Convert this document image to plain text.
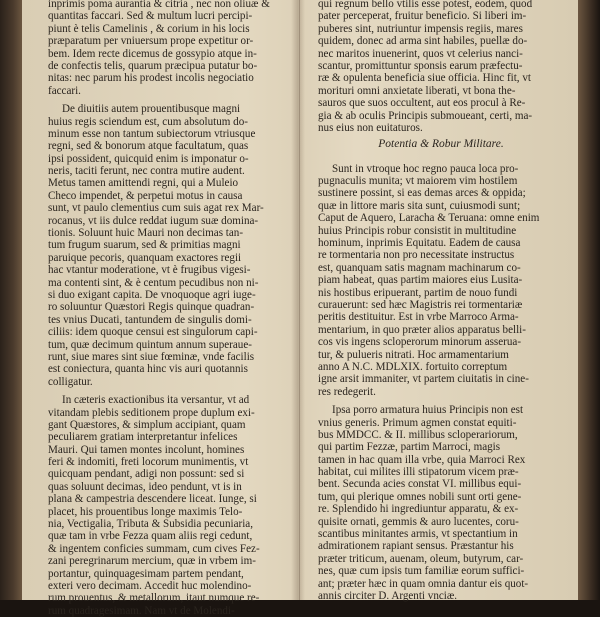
inprimis poma aurantia & citria , nec non oliuæ &
quantitas faccari. Sed & multum lucri percipi-
piunt è telis Camelinis , & corium in his locis
præparatum per vniuersum prope expetitur or-
bem. Idem recte dicemus de gossypio atque in-
de confectis telis, quarum præcipua putatur bo-
nitas: nec parum his prodest incolis negociatio
faccari.
De diuitiis autem prouentibusque magni
huius regis sciendum est, cum absolutum do-
minum esse non tantum subiectorum vtriusque
regni, sed & bonorum atque facultatum, quas
ipsi possident, quicquid enim is imponatur o-
neris, taciti ferunt, nec contra mutire audent.
Metus tamen amittendi regni, qui a Muleio
Checo impendet, & perpetui motus in causa
sunt, vt paulo clementius cum suis agat rex Mar-
rocanus, vt iis dulce reddat iugum suæ domina-
tionis. Soluunt huic Mauri non decimas tan-
tum frugum suarum, sed & primitias magni
paruique pecoris, quanquam exactores regii
hac vtantur moderatione, vt è frugibus vigesi-
ma contenti sint, & è centum pecudibus non ni-
si duo exigant capita. De vnoquoque agri iuge-
ro soluuntur Quæstori Regis quinque quadran-
tes vnius Ducati, tantundem de singulis domi-
ciliis: idem quoque censui est singulorum capi-
tum, quæ decimum quintum annum superaue-
runt, siue mares sint siue fœminæ, vnde facilis
est coniectura, quanta hinc vis auri quotannis
colligatur.
In cæteris exactionibus ita versantur, vt ad
vitandam plebis seditionem prope duplum exi-
gant Quæstores, & simplum accipiant, quam
peculiarem gratiam interpretantur infelices
Mauri. Qui tamen montes incolunt, homines
feri & indomiti, freti locorum munimentis, vt
quicquam pendant, adigi non possunt: sed si
quas soluunt decimas, ideo pendunt, vt is in
plana & campestria descendere liceat. Iunge, si
placet, his prouentibus longe maximis Telo-
nia, Vectigalia, Tributa & Subsidia pecuniaria,
quæ tam in vrbe Fezza quam aliis regi cedunt,
& ingentem conficies summam, cum cives Fez-
zani peregrinarum mercium, quæ in vrbem im-
portantur, quinquagesimam partem pendant,
exteri vero decimam. Accedit huc molendino-
rum prouentus, & metallorum, itaut numque re-
rum quadragesimam. Nam vt de Molendi-
qui regnum bello vtilis esse potest, eodem, quod
pater perceperat, fruitur beneficio. Si liberi im-
puberes sint, nutriuntur impensis regiis, mares
quidem, donec ad arma sint habiles, puellæ do-
nec maritos inuenerint, quos vt celerius nanci-
scantur, promittuntur sponsis earum præfectu-
ræ & opulenta beneficia siue officia. Hinc fit, vt
morituri omni anxietate liberati, vt bona the-
sauros que suos occultent, aut eos procul à Re-
gia & ab oculis Principis submoueant, certi, ma-
nus eius non euitaturos.
Potentia & Robur Militare.
Sunt in vtroque hoc regno pauca loca pro-
pugnaculis munita; vt maiorem vim hostilem
sustinere possint, si eas demas arces & oppida;
quæ in littore maris sita sunt, cuiusmodi sunt;
Caput de Aquero, Laracha & Teruana: omne enim
huius Principis robur consistit in multitudine
hominum, inprimis Equitatu. Eadem de causa
re tormentaria non pro necessitate instructus
est, quanquam satis magnam machinarum co-
piam habeat, quas partim maiores eius Lusita-
nis hostibus eripuerant, partim de nouo fundi
curauerunt: sed hæc Magistris rei tormentariæ
peritis destituitur. Est in vrbe Marroco Arma-
mentarium, in quo præter alios apparatus belli-
cos vis ingens scloperorum minorum asserua-
tur, & pulueris nitrati. Hoc armamentarium
anno A N.C. MDLXIX. fortuito correptum
igne arsit immaniter, vt partem ciuitatis in cine-
res redegerit.
Ipsa porro armatura huius Principis non est
vnius generis. Primum agmen constat equiti-
bus MMDCC. & II. millibus scloperariorum,
qui partim Fezzæ, partim Marroci, magis
tamen in hac quam illa vrbe, quia Marroci Rex
habitat, cui milites illi stipatorum vicem præ-
bent. Secunda acies constat VI. millibus equi-
tum, qui plerique omnes nobili sunt orti gene-
re. Splendido hi ingrediuntur apparatu, & ex-
quisite ornati, gemmis & auro lucentes, coru-
scantibus minitantes armis, vt spectantium in
admirationem rapiant sensus. Præstantur his
præter triticum, auenam, oleum, butyrum, car-
nes, quæ cum ipsis tum familiæ eorum suffici-
ant; præter hæc in quam omnia dantur eis quot-
annis circiter D. Argenti vnciæ.
